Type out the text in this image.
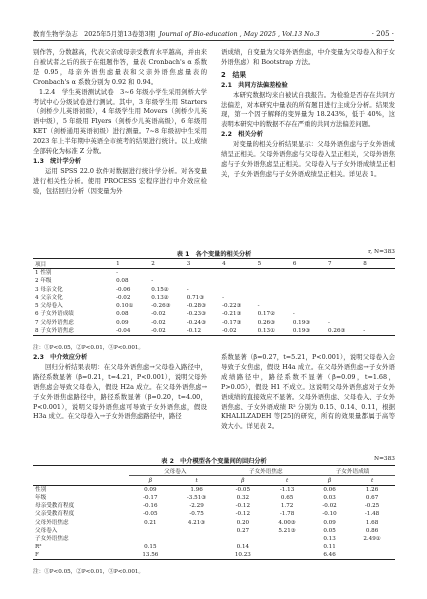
教育生物学杂志　2025年5月第13卷第3期 Journal of Bio-education , May 2025 , Vol.13 No.3	· 205 ·

别作答，分数越高，代表父亲或母亲受教育水平越高，并由来自被试者之后的孩子在组题作答，量表 Cronbach's α 系数是 0.95，母亲外语焦虑量表和父亲外语焦虑量表的 Cronbach's α 系数分别为 0.92 和 0.94。

1.2.4　学生英语测试试卷　3~6 年级小学生采用剑桥大学考试中心分级试卷进行测试。其中，3 年级学生用 Starters（剑桥少儿英语初级），4 年级学生用 Movers（剑桥少儿英语中级），5 年级用 Flyers（剑桥少儿英语高级），6 年级用 KET（剑桥通用英语初级）进行测量。7~8 年级初中生采用 2023 年上半年期中英语全市统考的结果进行统计。以上成绩全部转化为标准 Z 分数。

1.3　统计学分析

运用 SPSS 22.0 软件对数据进行统计学分析。对各变量进行相关性分析。使用 PROCESS 宏程序进行中介效应检验，包括回归分析（因变量为外

语成绩，自变量为父母外语焦虑，中介变量为父母卷入和子女外语焦虑）和 Bootstrap 方法。

2　结果

2.1　共同方法偏差检验

本研究数据均来自被试自我报告。为检验是否存在共同方法偏差，对本研究中量表的所有题目进行主成分分析。结果发现，第一个因子解释的变异量为 18.243%，低于 40%，这表明本研究中的数据不存在严重的共同方法偏差问题。

2.2　相关分析

对变量的相关分析结果显示：父母外语焦虑与子女外语成绩呈正相关。父母外语焦虑与父母卷入呈正相关，父母外语焦虑与子女外语焦虑呈正相关。父母卷入与子女外语成绩呈正相关，子女外语焦虑与子女外语成绩呈正相关。详见表 1。

表 1　各个变量的相关分析	r, N=383
项目	1	2	3	4	5	6	7	8
1 性别	-							
2 年级	0.08	-						
3 母亲文化	-0.06	0.15②	-					
4 父亲文化	-0.02	0.13②	0.71③	-				
5 父母卷入	0.10①	-0.26③	-0.28③	-0.22③	-			
6 子女外语成绩	0.08	-0.02	-0.23③	-0.21③	0.17②	-		
7 父母外语焦虑	0.09	-0.02	-0.24③	-0.17③	0.26③	0.19③	-	
8 子女外语焦虑	-0.04	-0.02	-0.12	-0.02	0.13①	0.19③	0.26③	-
注：①P<0.05，②P<0.01，③P<0.001。

2.3　中介效应分析

回归分析结果表明：在父母外语焦虑→父母卷入路径中，路径系数显著（β=0.21，t=4.21，P<0.001），说明父母外语焦虑会导致父母卷入，假设 H2a 成立。在父母外语焦虑→子女外语焦虑路径中，路径系数显著（β=0.20，t=4.00，P<0.001），说明父母外语焦虑可导致子女外语焦虑，假设 H3a 成立。在父母卷入→子女外语焦虑路径中，路径

系数显著（β=0.27，t=5.21，P<0.001），说明父母卷入会导致子女焦虑，假设 H4a 成立。在父母外语焦虑→子女外语成绩路径中，路径系数不显著（β=0.09，t=1.68，P>0.05），假设 H1 不成立。这说明父母外语焦虑对子女外语成绩的直接效应不显著。父母外语焦虑、父母卷入、子女外语焦虑、子女外语成绩 R² 分别为 0.15、0.14、0.11，根据 KHALILZADEH 等[25]的研究，所有的效果量都属于高等效大小。详见表 2。

表 2　中介模型各个变量间的回归分析	N=383
	父母卷入		子女外语焦虑		子女外语成绩	
	β	t	β	t	β	t
性别	0.09	1.96	-0.05	-1.13	0.06	1.26
年级	-0.17	-3.51③	0.32	0.65	0.03	0.67
母亲受教育程度	-0.16	-2.29	-0.12	1.72	-0.02	-0.25
父亲受教育程度	-0.05	-0.75	-0.12	-1.78	-0.10	-1.48
父母外语焦虑	0.21	4.21③	0.20	4.00③	0.09	1.68
父母卷入			0.27	5.21③	0.05	0.86
子女外语焦虑					0.13	2.49①
R²	0.15		0.14		0.11	
F	13.56		10.23		6.46	
注：①P<0.05，②P<0.01，③P<0.001。
